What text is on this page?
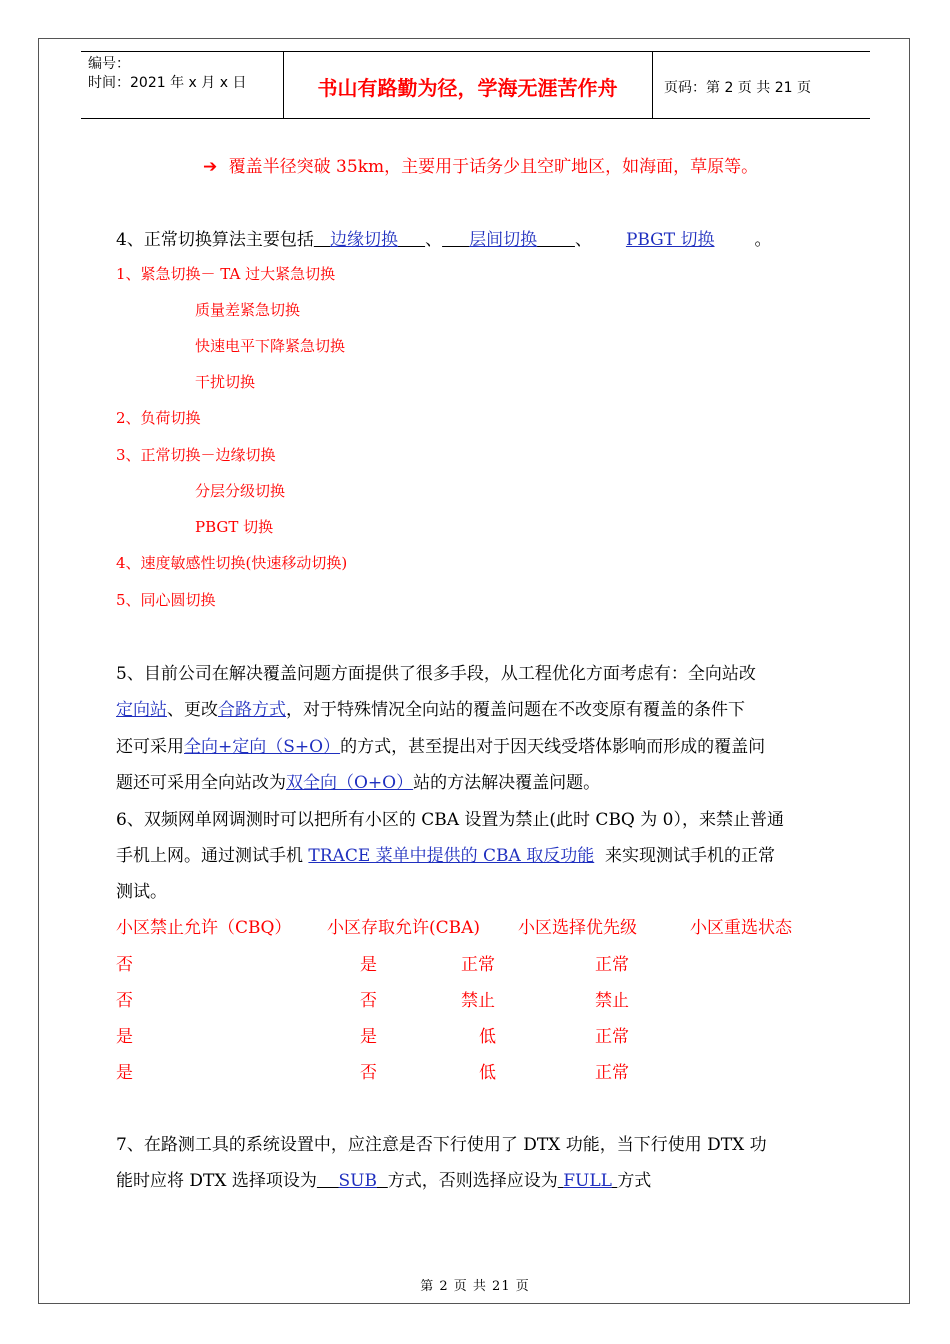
编号：
时间：2021 年 x 月 x 日	书山有路勤为径，学海无涯苦作舟	页码：第 2 页 共 21 页
➔ 覆盖半径突破 35km，主要用于话务少且空旷地区，如海面，草原等。
4、正常切换算法主要包括 边缘切换 、 层间切换 、 PBGT 切换 。
1、紧急切换－ TA 过大紧急切换
质量差紧急切换
快速电平下降紧急切换
干扰切换
2、负荷切换
3、正常切换－边缘切换
分层分级切换
PBGT 切换
4、速度敏感性切换(快速移动切换)
5、同心圆切换
5、目前公司在解决覆盖问题方面提供了很多手段，从工程优化方面考虑有：全向站改
定向站、更改合路方式，对于特殊情况全向站的覆盖问题在不改变原有覆盖的条件下
还可采用全向+定向（S+O）的方式，甚至提出对于因天线受塔体影响而形成的覆盖问
题还可采用全向站改为双全向（O+O）站的方法解决覆盖问题。
6、双频网单网调测时可以把所有小区的 CBA 设置为禁止(此时 CBQ 为 0），来禁止普通
手机上网。通过测试手机 TRACE 菜单中提供的 CBA 取反功能  来实现测试手机的正常
测试。
小区禁止允许（CBQ） 小区存取允许(CBA) 小区选择优先级	小区重选状态
否	是	正常	正常
否	否	禁止	禁止
是	是	低	正常
是	否	低	正常
7、在路测工具的系统设置中，应注意是否下行使用了 DTX 功能，当下行使用 DTX 功
能时应将 DTX 选择项设为 SUB 方式，否则选择应设为 FULL 方式
第 2 页 共 21 页
